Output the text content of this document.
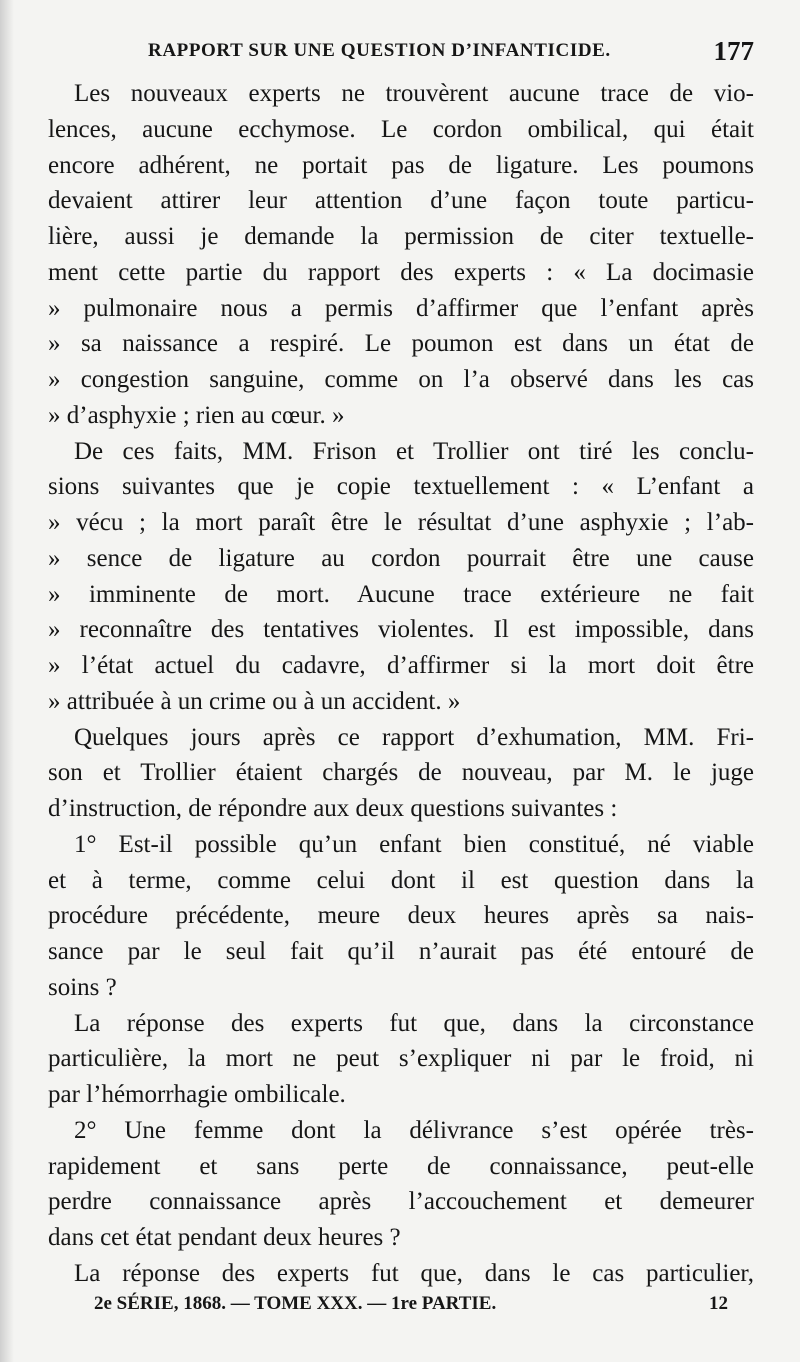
RAPPORT SUR UNE QUESTION D’INFANTICIDE.	177
Les nouveaux experts ne trouvèrent aucune trace de vio-
lences, aucune ecchymose. Le cordon ombilical, qui était
encore adhérent, ne portait pas de ligature. Les poumons
devaient attirer leur attention d’une façon toute particu-
lière, aussi je demande la permission de citer textuelle-
ment cette partie du rapport des experts : « La docimasie
» pulmonaire nous a permis d’affirmer que l’enfant après
» sa naissance a respiré. Le poumon est dans un état de
» congestion sanguine, comme on l’a observé dans les cas
» d’asphyxie ; rien au cœur. »
De ces faits, MM. Frison et Trollier ont tiré les conclu-
sions suivantes que je copie textuellement : « L’enfant a
» vécu ; la mort paraît être le résultat d’une asphyxie ; l’ab-
» sence de ligature au cordon pourrait être une cause
» imminente de mort. Aucune trace extérieure ne fait
» reconnaître des tentatives violentes. Il est impossible, dans
» l’état actuel du cadavre, d’affirmer si la mort doit être
» attribuée à un crime ou à un accident. »
Quelques jours après ce rapport d’exhumation, MM. Fri-
son et Trollier étaient chargés de nouveau, par M. le juge
d’instruction, de répondre aux deux questions suivantes :
1° Est-il possible qu’un enfant bien constitué, né viable
et à terme, comme celui dont il est question dans la
procédure précédente, meure deux heures après sa nais-
sance par le seul fait qu’il n’aurait pas été entouré de
soins ?
La réponse des experts fut que, dans la circonstance
particulière, la mort ne peut s’expliquer ni par le froid, ni
par l’hémorrhagie ombilicale.
2° Une femme dont la délivrance s’est opérée très-
rapidement et sans perte de connaissance, peut-elle
perdre connaissance après l’accouchement et demeurer
dans cet état pendant deux heures ?
La réponse des experts fut que, dans le cas particulier,
2e SÉRIE, 1868. — TOME XXX. — 1re PARTIE.	12
